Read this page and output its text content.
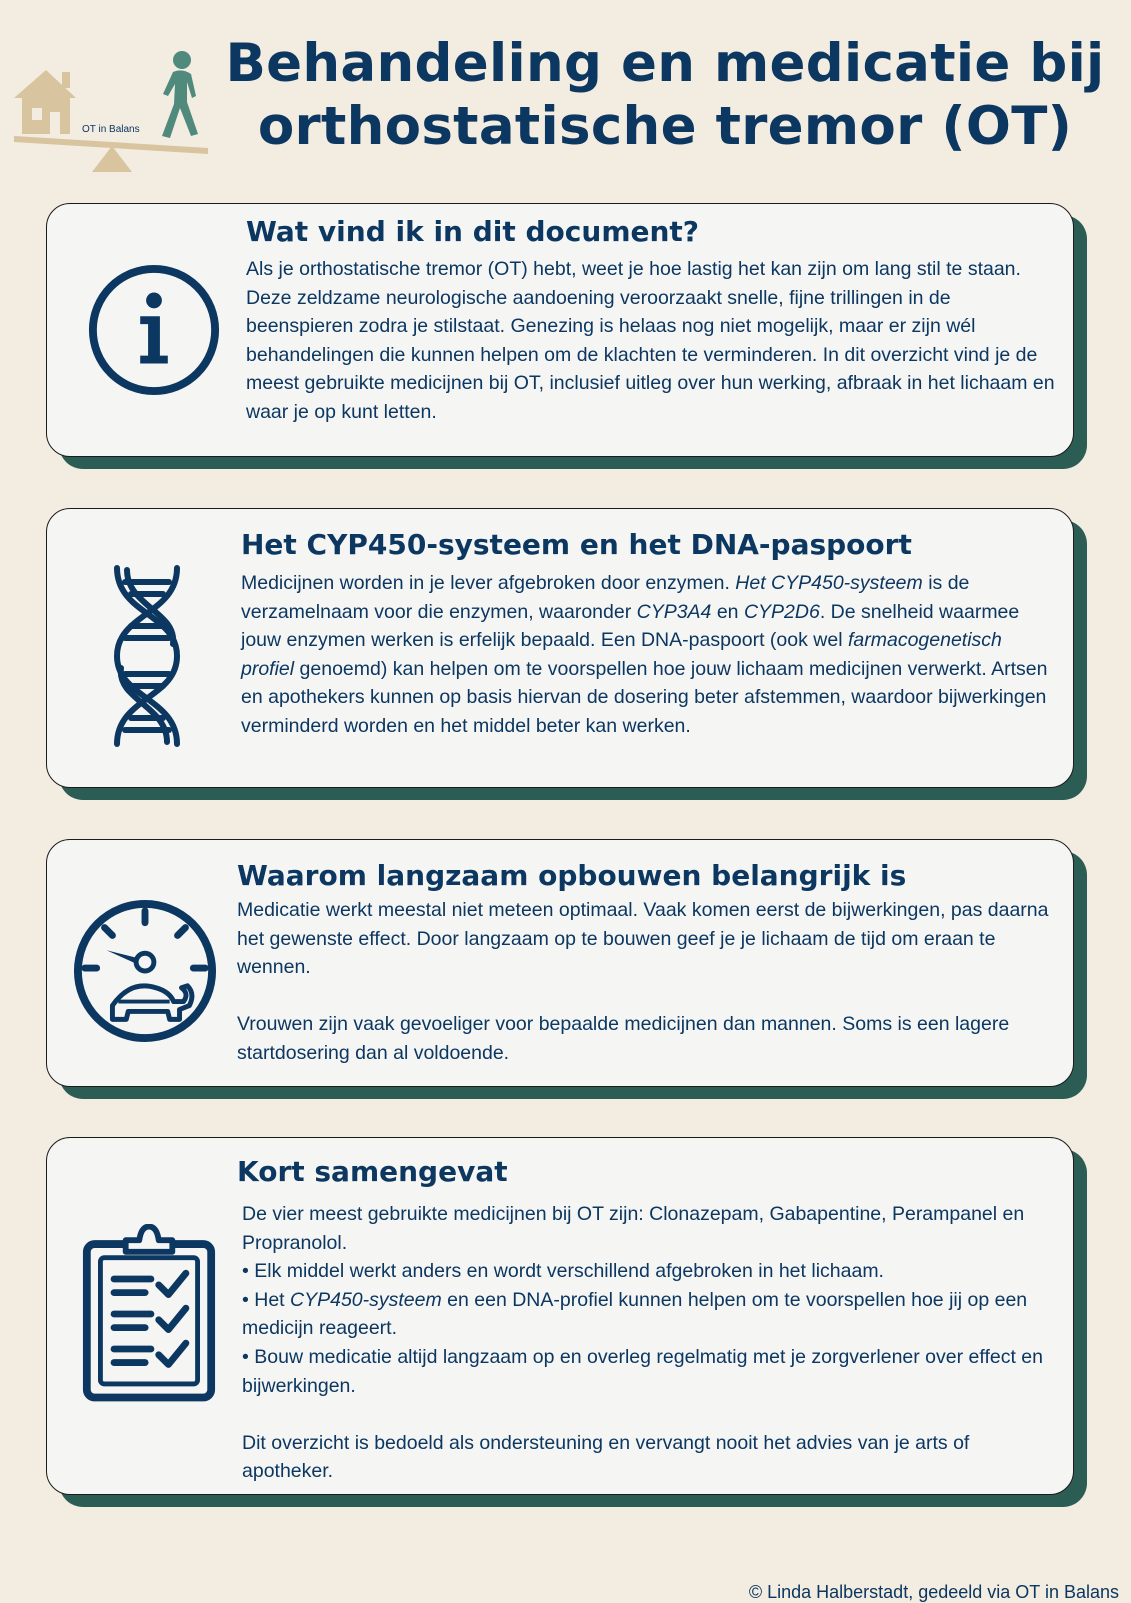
OT in Balans
Behandeling en medicatie bij
orthostatische tremor (OT)
Wat vind ik in dit document?

Als je orthostatische tremor (OT) hebt, weet je hoe lastig het kan zijn om lang stil te staan. Deze zeldzame neurologische aandoening veroorzaakt snelle, fijne trillingen in de beenspieren zodra je stilstaat. Genezing is helaas nog niet mogelijk, maar er zijn wél behandelingen die kunnen helpen om de klachten te verminderen. In dit overzicht vind je de meest gebruikte medicijnen bij OT, inclusief uitleg over hun werking, afbraak in het lichaam en waar je op kunt letten.

Het CYP450-systeem en het DNA-paspoort

Medicijnen worden in je lever afgebroken door enzymen. Het CYP450-systeem is de verzamelnaam voor die enzymen, waaronder CYP3A4 en CYP2D6. De snelheid waarmee jouw enzymen werken is erfelijk bepaald. Een DNA-paspoort (ook wel farmacogenetisch profiel genoemd) kan helpen om te voorspellen hoe jouw lichaam medicijnen verwerkt. Artsen en apothekers kunnen op basis hiervan de dosering beter afstemmen, waardoor bijwerkingen verminderd worden en het middel beter kan werken.

Waarom langzaam opbouwen belangrijk is

Medicatie werkt meestal niet meteen optimaal. Vaak komen eerst de bijwerkingen, pas daarna het gewenste effect. Door langzaam op te bouwen geef je je lichaam de tijd om eraan te wennen.

Vrouwen zijn vaak gevoeliger voor bepaalde medicijnen dan mannen. Soms is een lagere startdosering dan al voldoende.

Kort samengevat

De vier meest gebruikte medicijnen bij OT zijn: Clonazepam, Gabapentine, Perampanel en Propranolol.

• Elk middel werkt anders en wordt verschillend afgebroken in het lichaam.

• Het CYP450-systeem en een DNA-profiel kunnen helpen om te voorspellen hoe jij op een medicijn reageert.

• Bouw medicatie altijd langzaam op en overleg regelmatig met je zorgverlener over effect en bijwerkingen.

Dit overzicht is bedoeld als ondersteuning en vervangt nooit het advies van je arts of apotheker.

© Linda Halberstadt, gedeeld via OT in Balans
